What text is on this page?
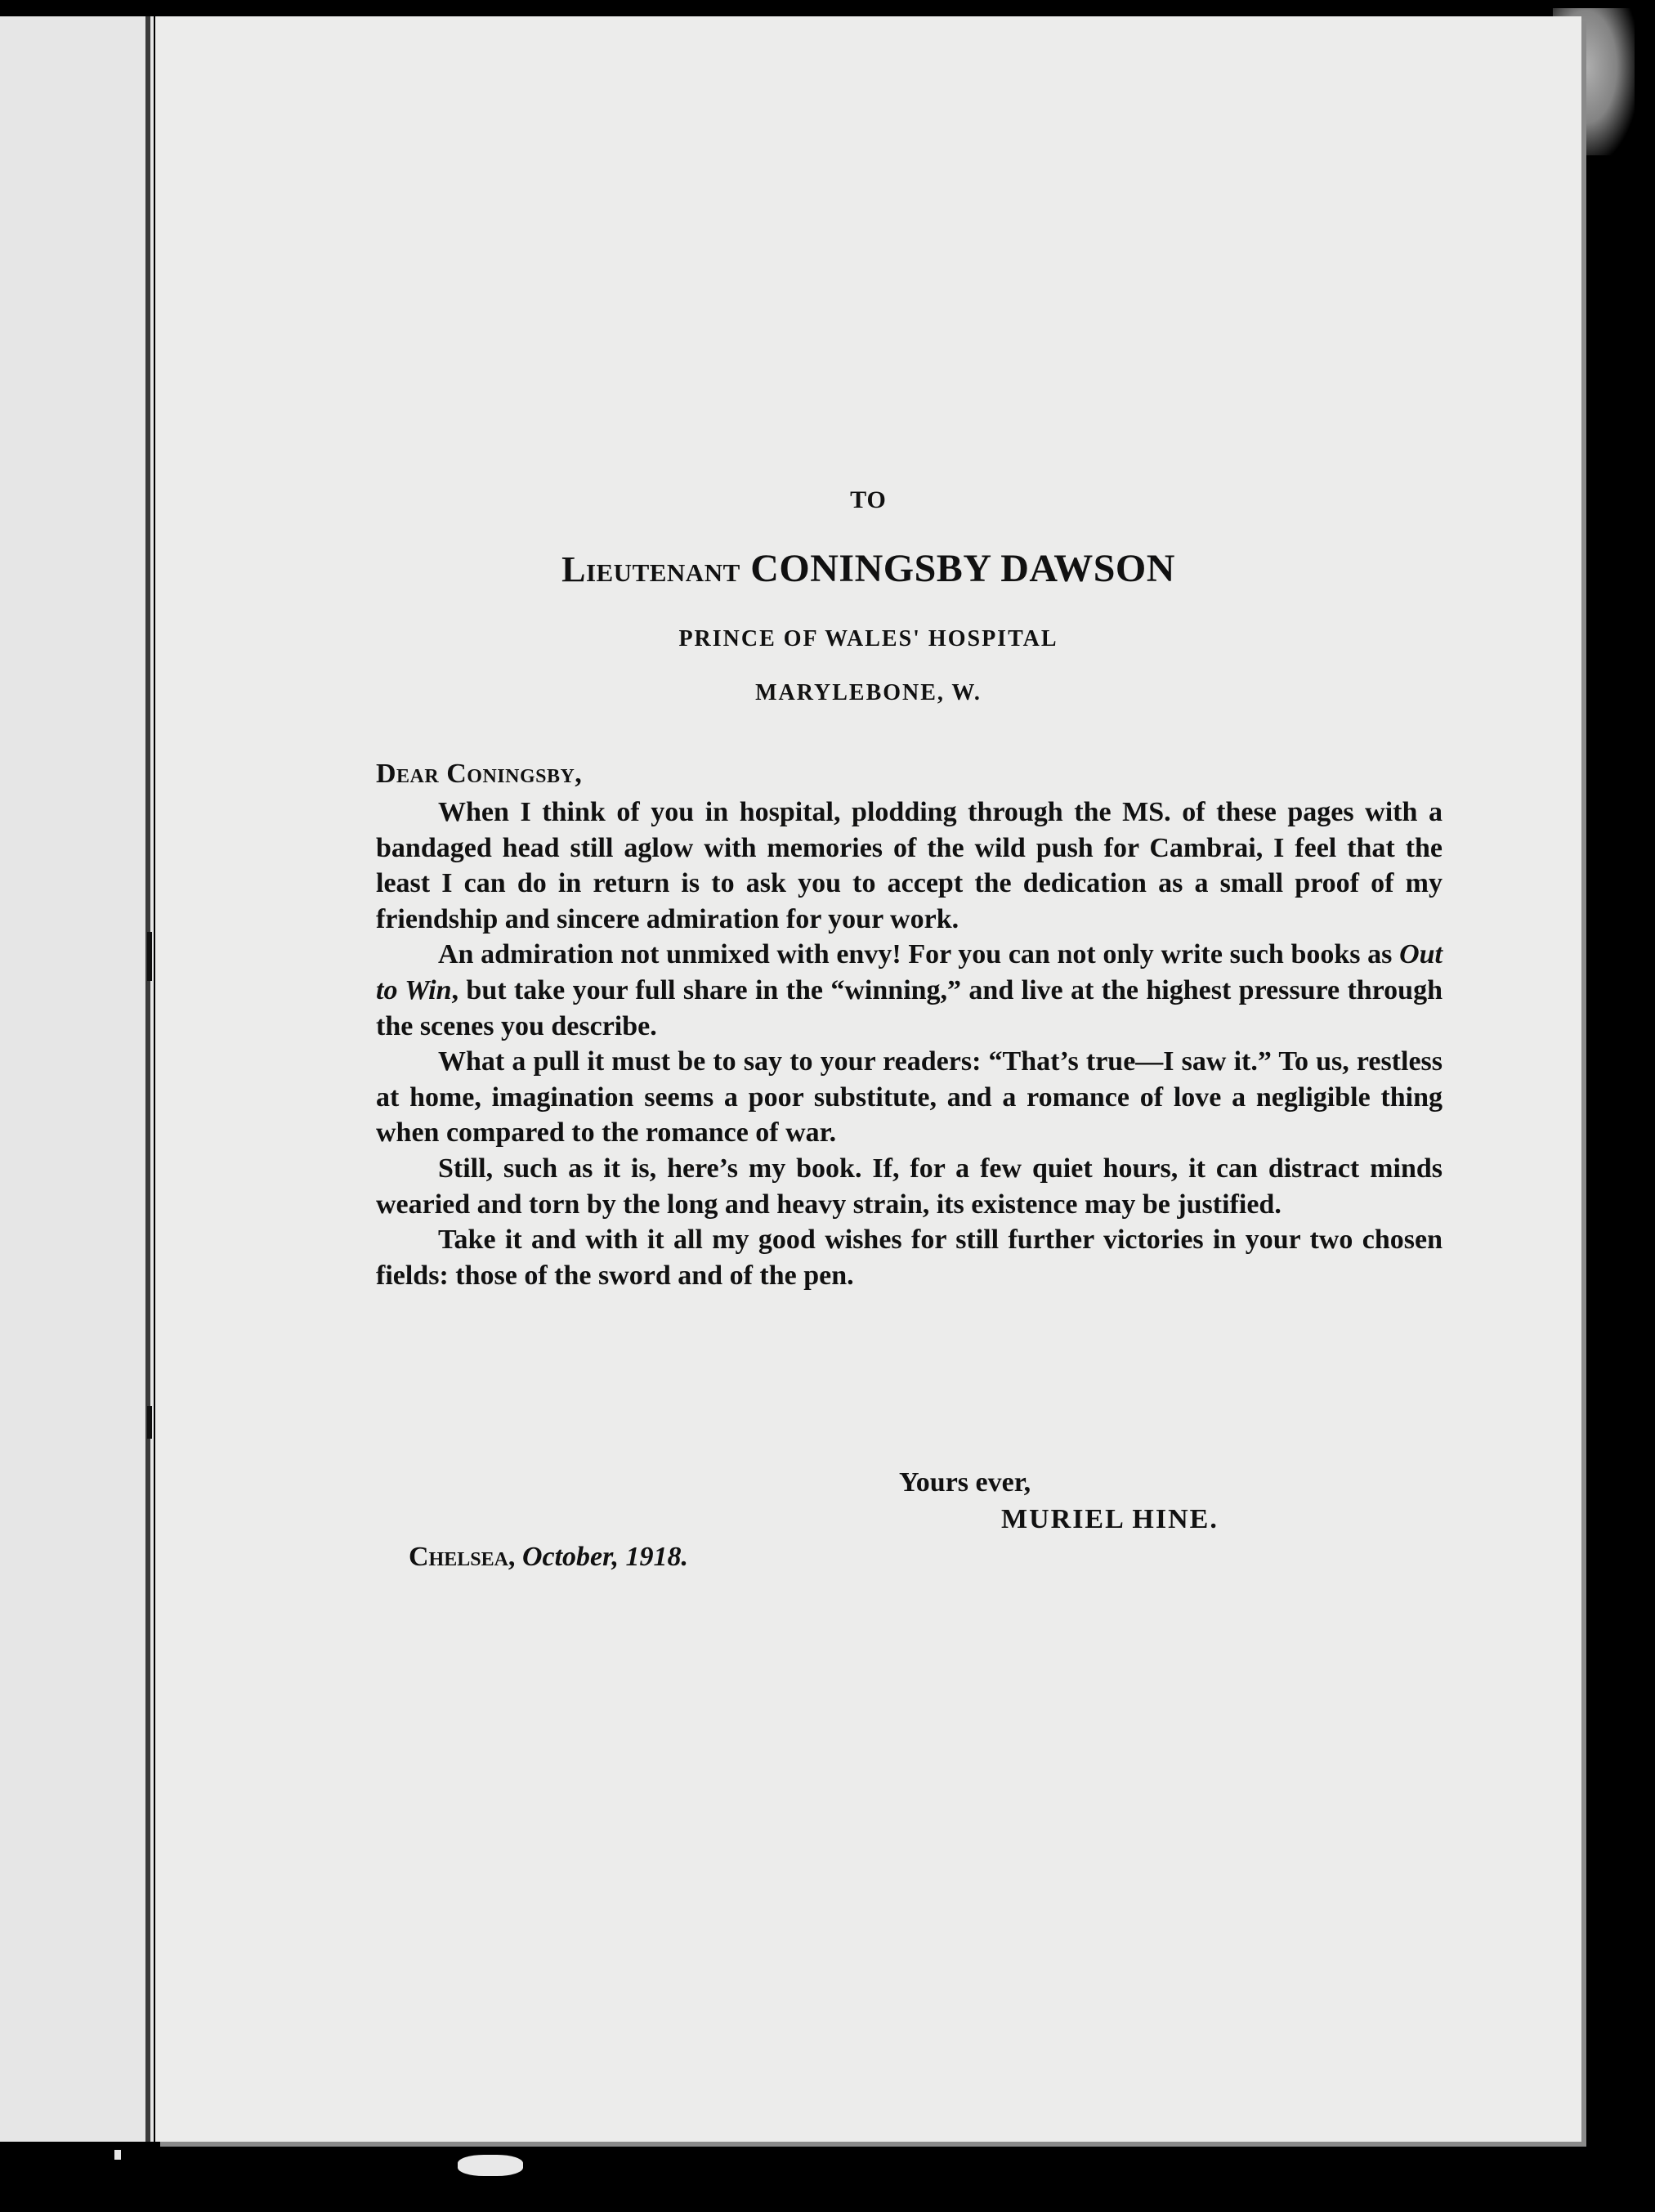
TO
Lieutenant CONINGSBY DAWSON
PRINCE OF WALES' HOSPITAL
MARYLEBONE, W.
Dear Coningsby,

When I think of you in hospital, plodding through the MS. of these pages with a bandaged head still aglow with memories of the wild push for Cambrai, I feel that the least I can do in return is to ask you to accept the dedication as a small proof of my friendship and sincere admiration for your work.

An admiration not unmixed with envy! For you can not only write such books as Out to Win, but take your full share in the “winning,” and live at the highest pressure through the scenes you describe.

What a pull it must be to say to your readers: “That’s true—I saw it.” To us, restless at home, imagination seems a poor substitute, and a romance of love a negligible thing when compared to the romance of war.

Still, such as it is, here’s my book. If, for a few quiet hours, it can distract minds wearied and torn by the long and heavy strain, its existence may be justified.

Take it and with it all my good wishes for still further victories in your two chosen fields: those of the sword and of the pen.

Yours ever,
MURIEL HINE.
Chelsea, October, 1918.
